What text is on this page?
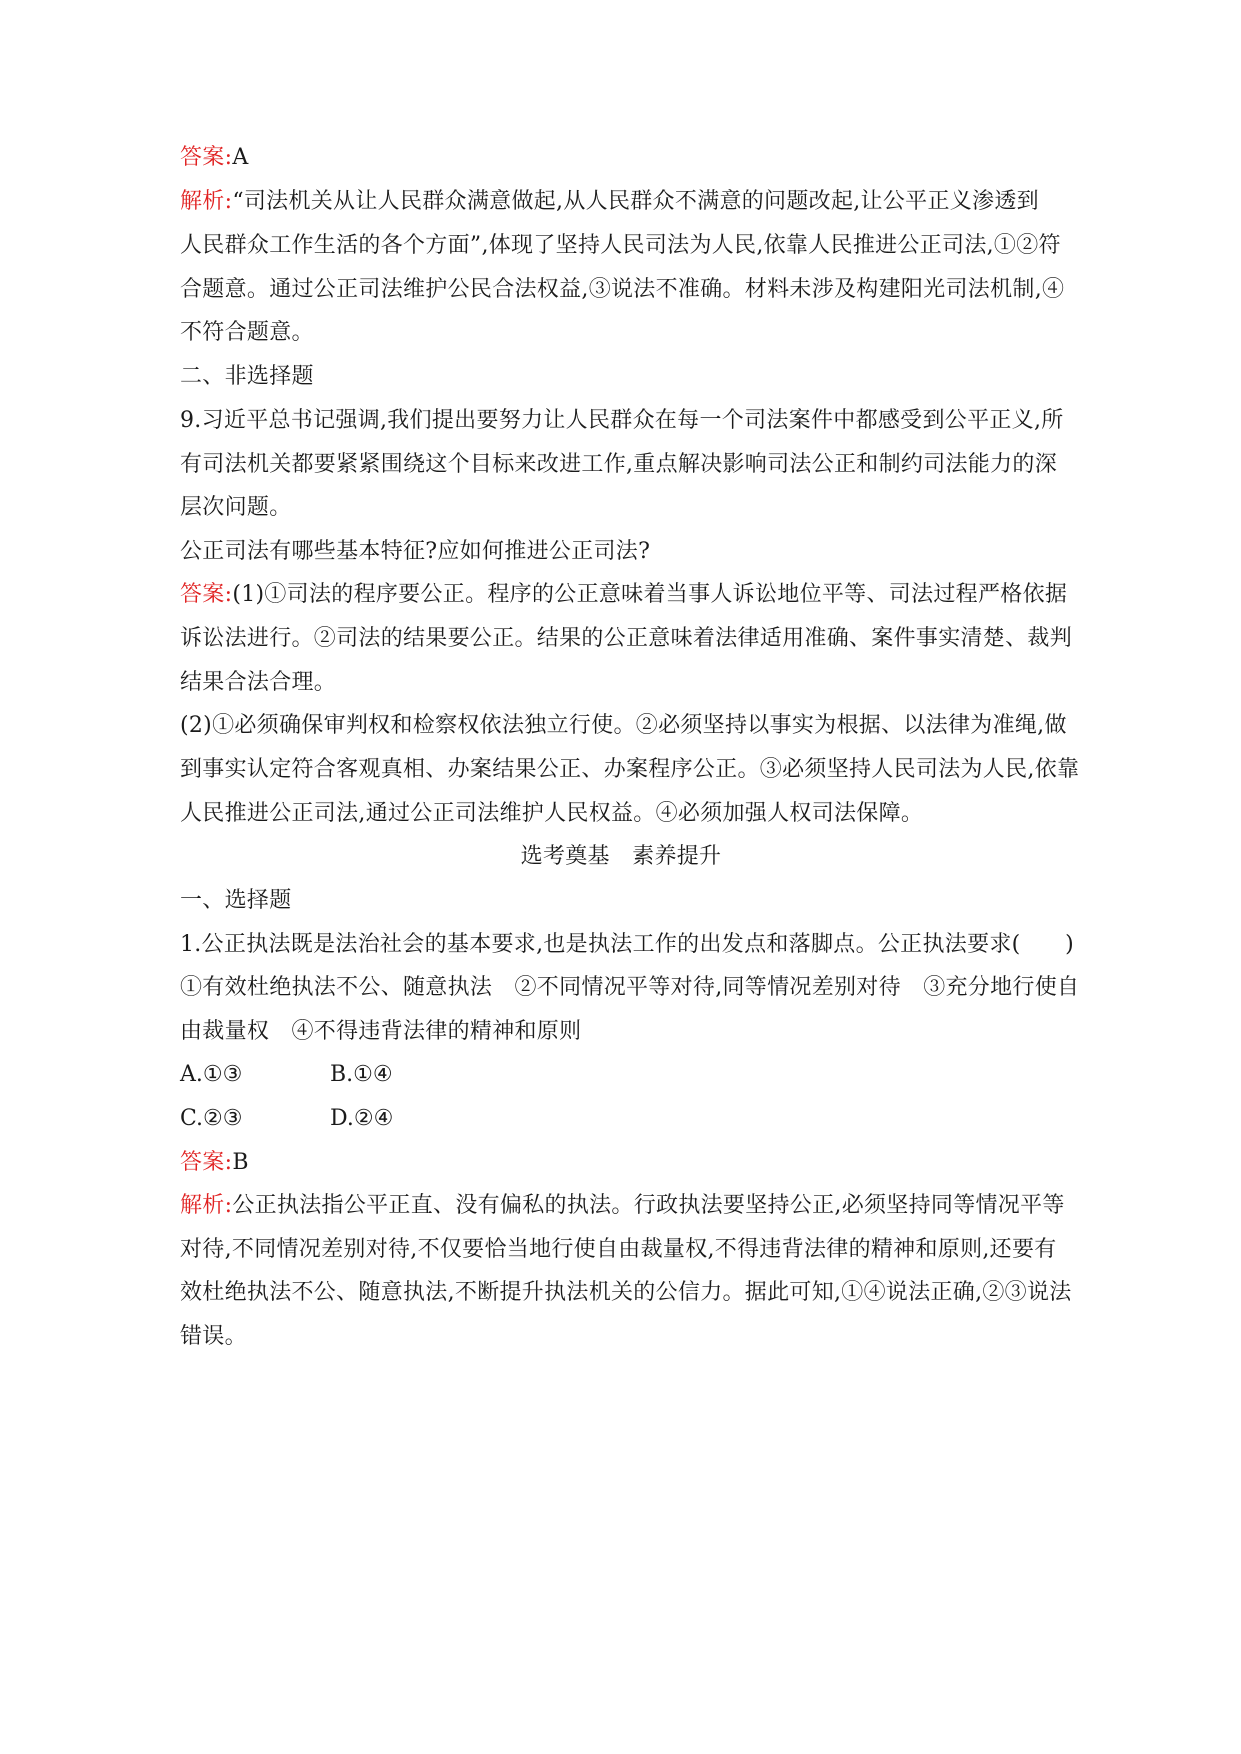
答案:A
解析:“司法机关从让人民群众满意做起,从人民群众不满意的问题改起,让公平正义渗透到
人民群众工作生活的各个方面”,体现了坚持人民司法为人民,依靠人民推进公正司法,①②符
合题意。通过公正司法维护公民合法权益,③说法不准确。材料未涉及构建阳光司法机制,④
不符合题意。
二、非选择题
9.习近平总书记强调,我们提出要努力让人民群众在每一个司法案件中都感受到公平正义,所
有司法机关都要紧紧围绕这个目标来改进工作,重点解决影响司法公正和制约司法能力的深
层次问题。
公正司法有哪些基本特征?应如何推进公正司法?
答案:(1)①司法的程序要公正。程序的公正意味着当事人诉讼地位平等、司法过程严格依据
诉讼法进行。②司法的结果要公正。结果的公正意味着法律适用准确、案件事实清楚、裁判
结果合法合理。
(2)①必须确保审判权和检察权依法独立行使。②必须坚持以事实为根据、以法律为准绳,做
到事实认定符合客观真相、办案结果公正、办案程序公正。③必须坚持人民司法为人民,依靠
人民推进公正司法,通过公正司法维护人民权益。④必须加强人权司法保障。
选考奠基　素养提升
一、选择题
1.公正执法既是法治社会的基本要求,也是执法工作的出发点和落脚点。公正执法要求(　　)
①有效杜绝执法不公、随意执法　②不同情况平等对待,同等情况差别对待　③充分地行使自
由裁量权　④不得违背法律的精神和原则
A.①③	B.①④
C.②③	D.②④
答案:B
解析:公正执法指公平正直、没有偏私的执法。行政执法要坚持公正,必须坚持同等情况平等
对待,不同情况差别对待,不仅要恰当地行使自由裁量权,不得违背法律的精神和原则,还要有
效杜绝执法不公、随意执法,不断提升执法机关的公信力。据此可知,①④说法正确,②③说法
错误。
